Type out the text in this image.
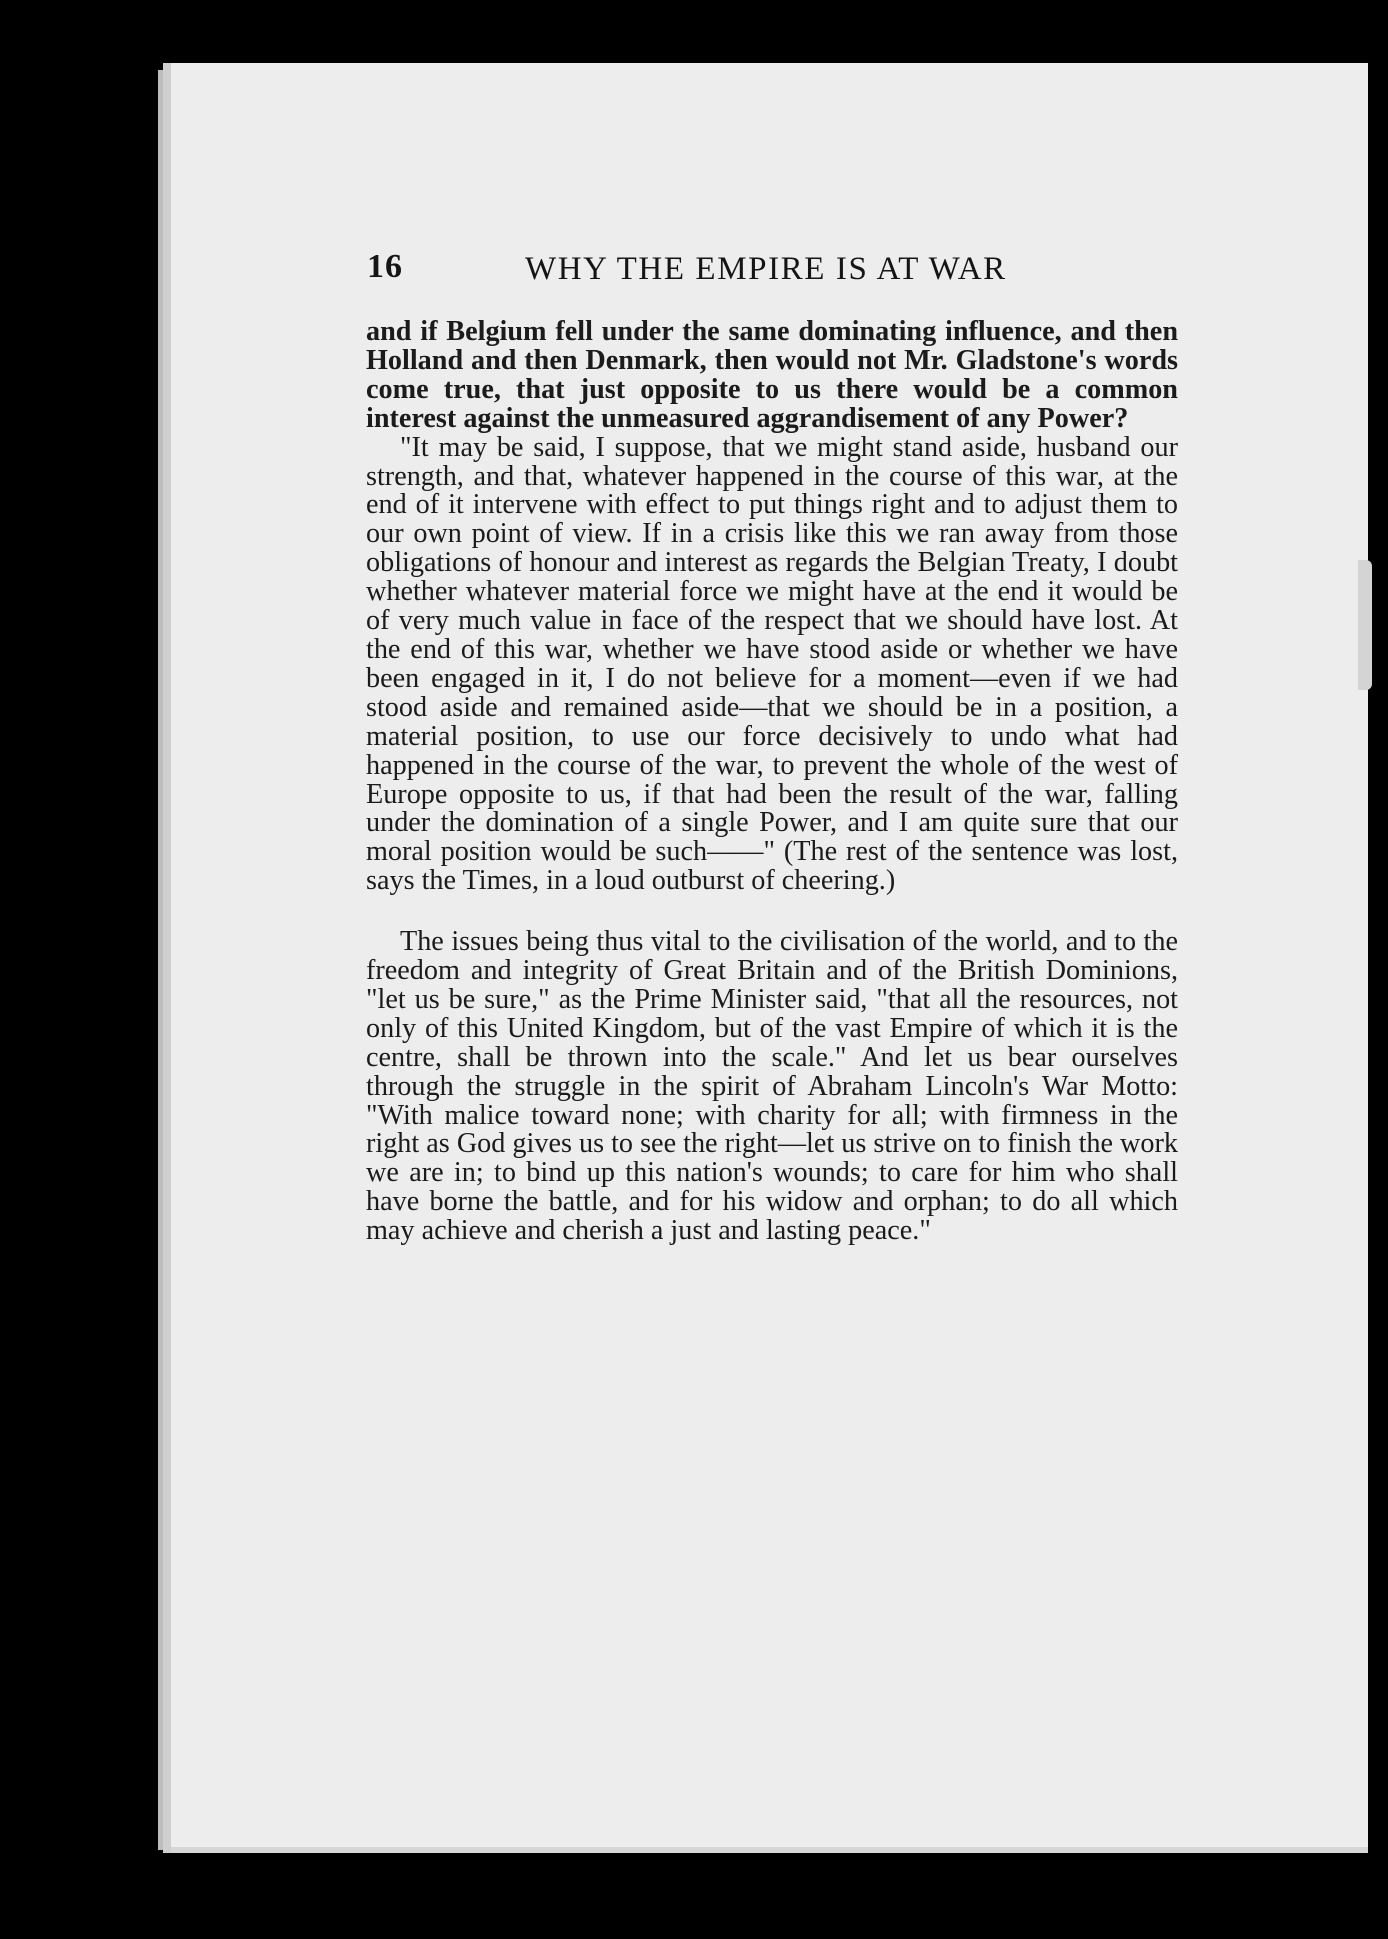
16	WHY THE EMPIRE IS AT WAR

and if Belgium fell under the same dominating influence, and then Holland and then Denmark, then would not Mr. Gladstone's words come true, that just opposite to us there would be a common interest against the unmeasured aggrandisement of any Power?

"It may be said, I suppose, that we might stand aside, husband our strength, and that, whatever happened in the course of this war, at the end of it intervene with effect to put things right and to adjust them to our own point of view. If in a crisis like this we ran away from those obligations of honour and interest as regards the Belgian Treaty, I doubt whether whatever material force we might have at the end it would be of very much value in face of the respect that we should have lost. At the end of this war, whether we have stood aside or whether we have been engaged in it, I do not believe for a moment—even if we had stood aside and remained aside—that we should be in a position, a material position, to use our force decisively to undo what had happened in the course of the war, to prevent the whole of the west of Europe opposite to us, if that had been the result of the war, falling under the domination of a single Power, and I am quite sure that our moral position would be such——" (The rest of the sentence was lost, says the Times, in a loud outburst of cheering.)

The issues being thus vital to the civilisation of the world, and to the freedom and integrity of Great Britain and of the British Dominions, "let us be sure," as the Prime Minister said, "that all the resources, not only of this United Kingdom, but of the vast Empire of which it is the centre, shall be thrown into the scale." And let us bear ourselves through the struggle in the spirit of Abraham Lincoln's War Motto: "With malice toward none; with charity for all; with firmness in the right as God gives us to see the right—let us strive on to finish the work we are in; to bind up this nation's wounds; to care for him who shall have borne the battle, and for his widow and orphan; to do all which may achieve and cherish a just and lasting peace."
